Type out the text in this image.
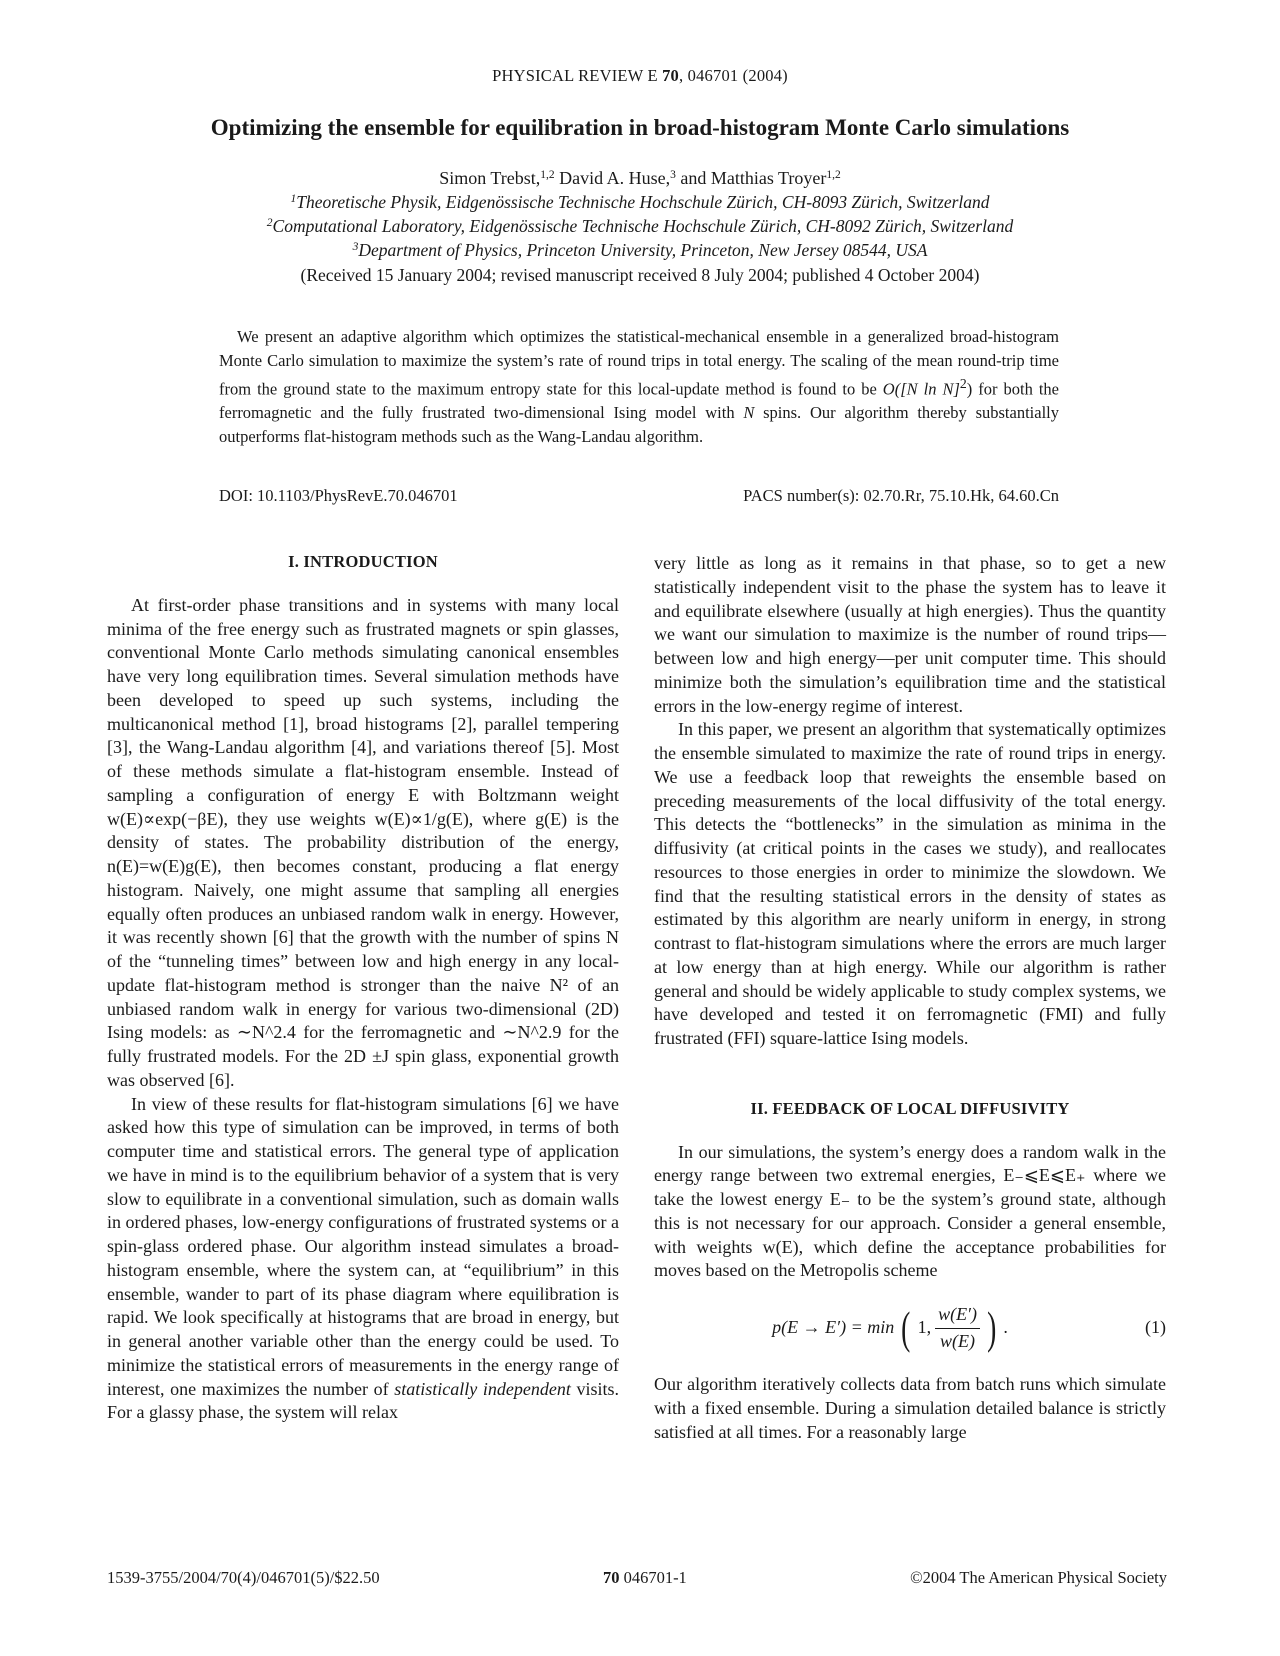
PHYSICAL REVIEW E 70, 046701 (2004)
Optimizing the ensemble for equilibration in broad-histogram Monte Carlo simulations
Simon Trebst,$^{1,2}$ David A. Huse,$^3$ and Matthias Troyer$^{1,2}$
$^1$Theoretische Physik, Eidgenössische Technische Hochschule Zürich, CH-8093 Zürich, Switzerland
$^2$Computational Laboratory, Eidgenössische Technische Hochschule Zürich, CH-8092 Zürich, Switzerland
$^3$Department of Physics, Princeton University, Princeton, New Jersey 08544, USA
(Received 15 January 2004; revised manuscript received 8 July 2004; published 4 October 2004)
We present an adaptive algorithm which optimizes the statistical-mechanical ensemble in a generalized broad-histogram Monte Carlo simulation to maximize the system’s rate of round trips in total energy. The scaling of the mean round-trip time from the ground state to the maximum entropy state for this local-update method is found to be O([N ln N]$^2$) for both the ferromagnetic and the fully frustrated two-dimensional Ising model with N spins. Our algorithm thereby substantially outperforms flat-histogram methods such as the Wang-Landau algorithm.
DOI: 10.1103/PhysRevE.70.046701	PACS number(s): 02.70.Rr, 75.10.Hk, 64.60.Cn
I. INTRODUCTION

At first-order phase transitions and in systems with many local minima of the free energy such as frustrated magnets or spin glasses, conventional Monte Carlo methods simulating canonical ensembles have very long equilibration times. Several simulation methods have been developed to speed up such systems, including the multicanonical method [1], broad histograms [2], parallel tempering [3], the Wang-Landau algorithm [4], and variations thereof [5]. Most of these methods simulate a flat-histogram ensemble. Instead of sampling a configuration of energy E with Boltzmann weight w(E)∝exp(−βE), they use weights w(E)∝1/g(E), where g(E) is the density of states. The probability distribution of the energy, n(E)=w(E)g(E), then becomes constant, producing a flat energy histogram. Naively, one might assume that sampling all energies equally often produces an unbiased random walk in energy. However, it was recently shown [6] that the growth with the number of spins N of the “tunneling times” between low and high energy in any local-update flat-histogram method is stronger than the naive N² of an unbiased random walk in energy for various two-dimensional (2D) Ising models: as ∼N^2.4 for the ferromagnetic and ∼N^2.9 for the fully frustrated models. For the 2D ±J spin glass, exponential growth was observed [6].

In view of these results for flat-histogram simulations [6] we have asked how this type of simulation can be improved, in terms of both computer time and statistical errors. The general type of application we have in mind is to the equilibrium behavior of a system that is very slow to equilibrate in a conventional simulation, such as domain walls in ordered phases, low-energy configurations of frustrated systems or a spin-glass ordered phase. Our algorithm instead simulates a broad-histogram ensemble, where the system can, at “equilibrium” in this ensemble, wander to part of its phase diagram where equilibration is rapid. We look specifically at histograms that are broad in energy, but in general another variable other than the energy could be used. To minimize the statistical errors of measurements in the energy range of interest, one maximizes the number of statistically independent visits. For a glassy phase, the system will relax

very little as long as it remains in that phase, so to get a new statistically independent visit to the phase the system has to leave it and equilibrate elsewhere (usually at high energies). Thus the quantity we want our simulation to maximize is the number of round trips—between low and high energy—per unit computer time. This should minimize both the simulation’s equilibration time and the statistical errors in the low-energy regime of interest.

In this paper, we present an algorithm that systematically optimizes the ensemble simulated to maximize the rate of round trips in energy. We use a feedback loop that reweights the ensemble based on preceding measurements of the local diffusivity of the total energy. This detects the “bottlenecks” in the simulation as minima in the diffusivity (at critical points in the cases we study), and reallocates resources to those energies in order to minimize the slowdown. We find that the resulting statistical errors in the density of states as estimated by this algorithm are nearly uniform in energy, in strong contrast to flat-histogram simulations where the errors are much larger at low energy than at high energy. While our algorithm is rather general and should be widely applicable to study complex systems, we have developed and tested it on ferromagnetic (FMI) and fully frustrated (FFI) square-lattice Ising models.

II. FEEDBACK OF LOCAL DIFFUSIVITY

In our simulations, the system’s energy does a random walk in the energy range between two extremal energies, E₋⩽E⩽E₊ where we take the lowest energy E₋ to be the system’s ground state, although this is not necessary for our approach. Consider a general ensemble, with weights w(E), which define the acceptance probabilities for moves based on the Metropolis scheme

p(E → E′) = min ( 1, $\frac{w(E')}{w(E)}$ ) .	(1)

Our algorithm iteratively collects data from batch runs which simulate with a fixed ensemble. During a simulation detailed balance is strictly satisfied at all times. For a reasonably large

1539-3755/2004/70(4)/046701(5)/$22.50	70 046701-1	©2004 The American Physical Society
